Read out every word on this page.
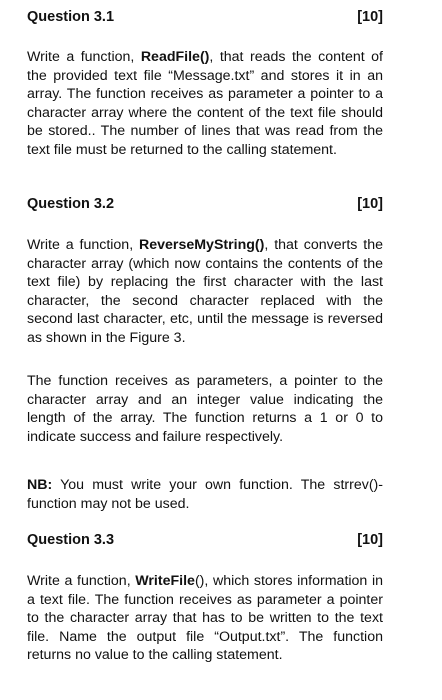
Question 3.1	[10]

Write a function, ReadFile(), that reads the content of the provided text file “Message.txt” and stores it in an array. The function receives as parameter a pointer to a character array where the content of the text file should be stored.. The number of lines that was read from the text file must be returned to the calling statement.

Question 3.2	[10]

Write a function, ReverseMyString(), that converts the character array (which now contains the contents of the text file) by replacing the first character with the last character, the second character replaced with the second last character, etc, until the message is reversed as shown in the Figure 3.

The function receives as parameters, a pointer to the character array and an integer value indicating the length of the array. The function returns a 1 or 0 to indicate success and failure respectively.

NB: You must write your own function. The strrev()-function may not be used.

Question 3.3	[10]

Write a function, WriteFile(), which stores information in a text file. The function receives as parameter a pointer to the character array that has to be written to the text file. Name the output file “Output.txt”. The function returns no value to the calling statement.
